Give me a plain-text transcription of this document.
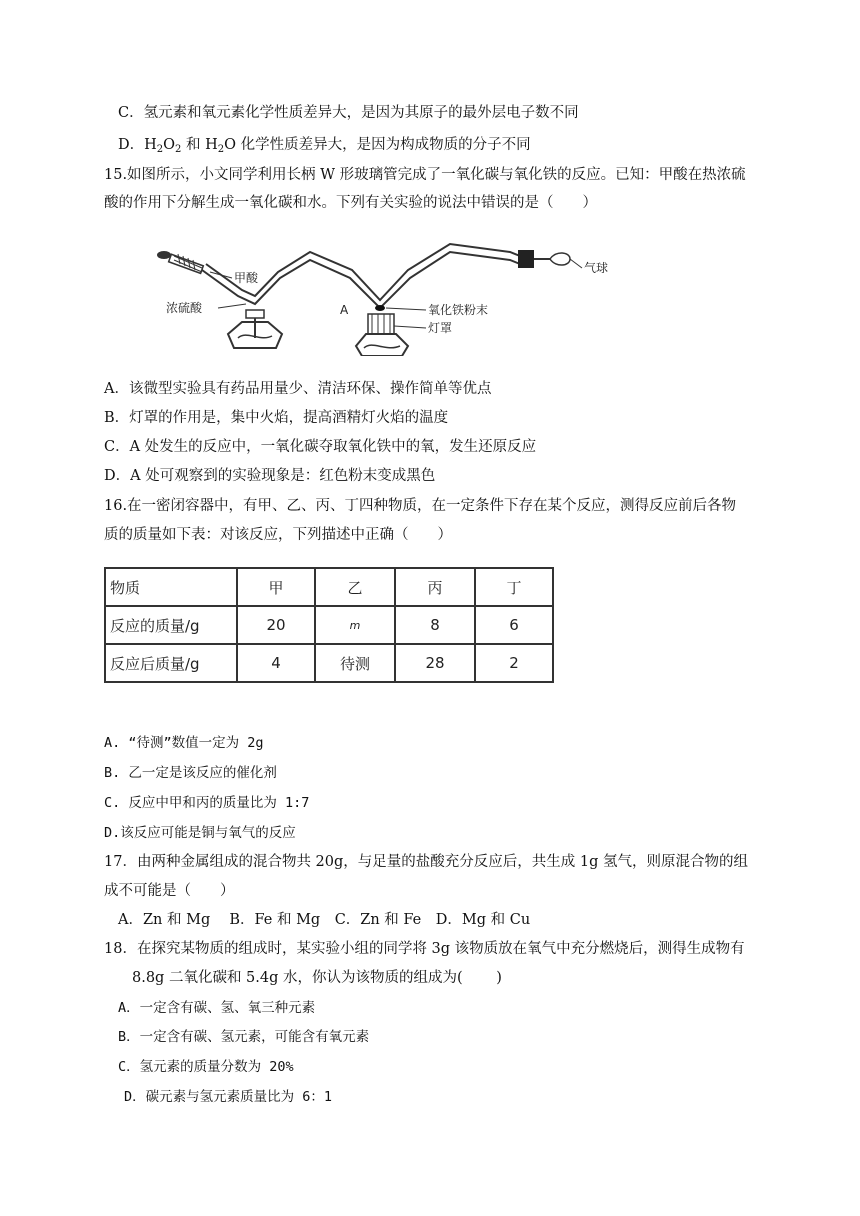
C．氢元素和氧元素化学性质差异大，是因为其原子的最外层电子数不同
D．$H_2O_2$ 和 $H_2O$ 化学性质差异大，是因为构成物质的分子不同
15.如图所示，小文同学利用长柄 W 形玻璃管完成了一氧化碳与氧化铁的反应。已知：甲酸在热浓硫
酸的作用下分解生成一氧化碳和水。下列有关实验的说法中错误的是（　　）
气球
甲酸
浓硫酸	A	氧化铁粉末
灯罩
A．该微型实验具有药品用量少、清洁环保、操作简单等优点
B．灯罩的作用是，集中火焰，提高酒精灯火焰的温度
C．A 处发生的反应中，一氧化碳夺取氧化铁中的氧，发生还原反应
D．A 处可观察到的实验现象是：红色粉末变成黑色
16.在一密闭容器中，有甲、乙、丙、丁四种物质，在一定条件下存在某个反应，测得反应前后各物
质的质量如下表：对该反应，下列描述中正确（　　）
物质	甲	乙	丙	丁
反应的质量/g	20	m	8	6
反应后质量/g	4	待测	28	2
A. “待测”数值一定为 2g
B. 乙一定是该反应的催化剂
C. 反应中甲和丙的质量比为 1:7
D.该反应可能是铜与氧气的反应
17．由两种金属组成的混合物共 20g，与足量的盐酸充分反应后，共生成 1g 氢气，则原混合物的组
成不可能是（　　）
A．Zn 和 Mg　 B．Fe 和 Mg　C．Zn 和 Fe　D．Mg 和 Cu
18．在探究某物质的组成时，某实验小组的同学将 3g 该物质放在氧气中充分燃烧后，测得生成物有
8.8g 二氧化碳和 5.4g 水，你认为该物质的组成为(　　 )
A．一定含有碳、氢、氧三种元素
B．一定含有碳、氢元素，可能含有氧元素
C．氢元素的质量分数为 20%
D．碳元素与氢元素质量比为 6：1
